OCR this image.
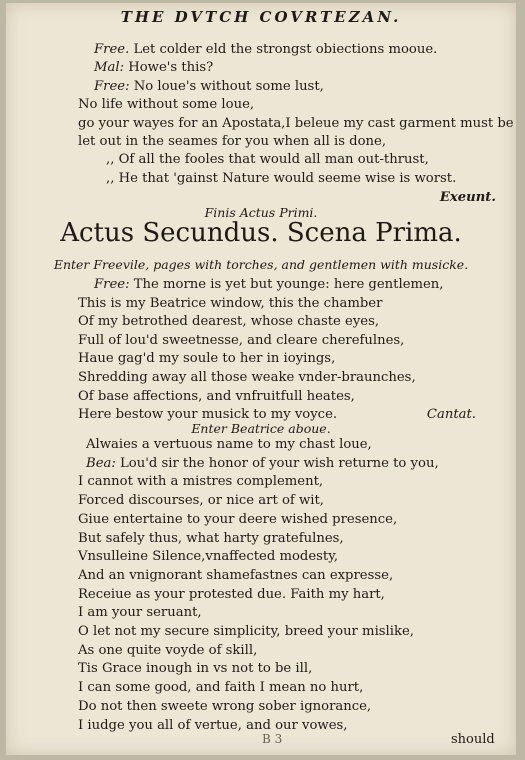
THE DVTCH COVRTEZAN.
Free. Let colder eld the strongst obiections mooue.
Mal: Howe's this?
Free: No loue's without some lust,
No life without some loue,
go your wayes for an Apostata,I beleue my cast garment must be
let out in the seames for you when all is done,
,, Of all the fooles that would all man out-thrust,
,, He that 'gainst Nature would seeme wise is worst.
Exeunt.
Finis Actus Primi.
Actus Secundus. Scena Prima.
Enter Freevile, pages with torches, and gentlemen with musicke.
Free: The morne is yet but younge: here gentlemen,
This is my Beatrice window, this the chamber
Of my betrothed dearest, whose chaste eyes,
Full of lou'd sweetnesse, and cleare cherefulnes,
Haue gag'd my soule to her in ioyings,
Shredding away all those weake vnder-braunches,
Of base affections, and vnfruitfull heates,
Here bestow your musick to my voyce.	Cantat.
Enter Beatrice aboue.
Alwaies a vertuous name to my chast loue,
Bea: Lou'd sir the honor of your wish returne to you,
I cannot with a mistres complement,
Forced discourses, or nice art of wit,
Giue entertaine to your deere wished presence,
But safely thus, what harty gratefulnes,
Vnsulleine Silence,vnaffected modesty,
And an vnignorant shamefastnes can expresse,
Receiue as your protested due. Faith my hart,
I am your seruant,
O let not my secure simplicity, breed your mislike,
As one quite voyde of skill,
Tis Grace inough in vs not to be ill,
I can some good, and faith I mean no hurt,
Do not then sweete wrong sober ignorance,
I iudge you all of vertue, and our vowes,
B 3	should
